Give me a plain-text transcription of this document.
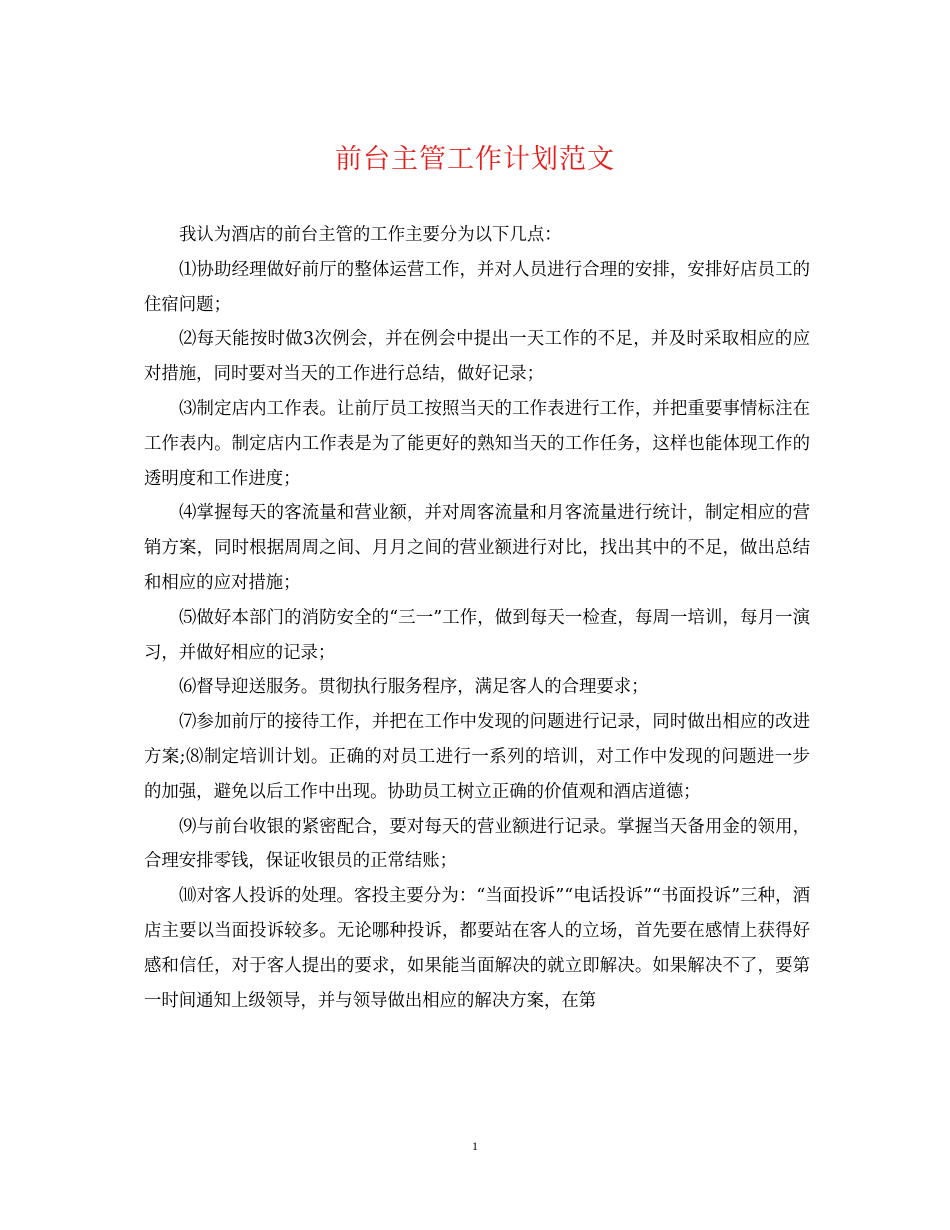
前台主管工作计划范文

我认为酒店的前台主管的工作主要分为以下几点：

⑴协助经理做好前厅的整体运营工作，并对人员进行合理的安排，安排好店员工的住宿问题；

⑵每天能按时做3次例会，并在例会中提出一天工作的不足，并及时采取相应的应对措施，同时要对当天的工作进行总结，做好记录；

⑶制定店内工作表。让前厅员工按照当天的工作表进行工作，并把重要事情标注在工作表内。制定店内工作表是为了能更好的熟知当天的工作任务，这样也能体现工作的透明度和工作进度；

⑷掌握每天的客流量和营业额，并对周客流量和月客流量进行统计，制定相应的营销方案，同时根据周周之间、月月之间的营业额进行对比，找出其中的不足，做出总结和相应的应对措施；

⑸做好本部门的消防安全的“三一”工作，做到每天一检查，每周一培训，每月一演习，并做好相应的记录；

⑹督导迎送服务。贯彻执行服务程序，满足客人的合理要求；

⑺参加前厅的接待工作，并把在工作中发现的问题进行记录，同时做出相应的改进方案;⑻制定培训计划。正确的对员工进行一系列的培训，对工作中发现的问题进一步的加强，避免以后工作中出现。协助员工树立正确的价值观和酒店道德；

⑼与前台收银的紧密配合，要对每天的营业额进行记录。掌握当天备用金的领用，合理安排零钱，保证收银员的正常结账；

⑽对客人投诉的处理。客投主要分为：“当面投诉”“电话投诉”“书面投诉”三种，酒店主要以当面投诉较多。无论哪种投诉，都要站在客人的立场，首先要在感情上获得好感和信任，对于客人提出的要求，如果能当面解决的就立即解决。如果解决不了，要第一时间通知上级领导，并与领导做出相应的解决方案，在第

1
